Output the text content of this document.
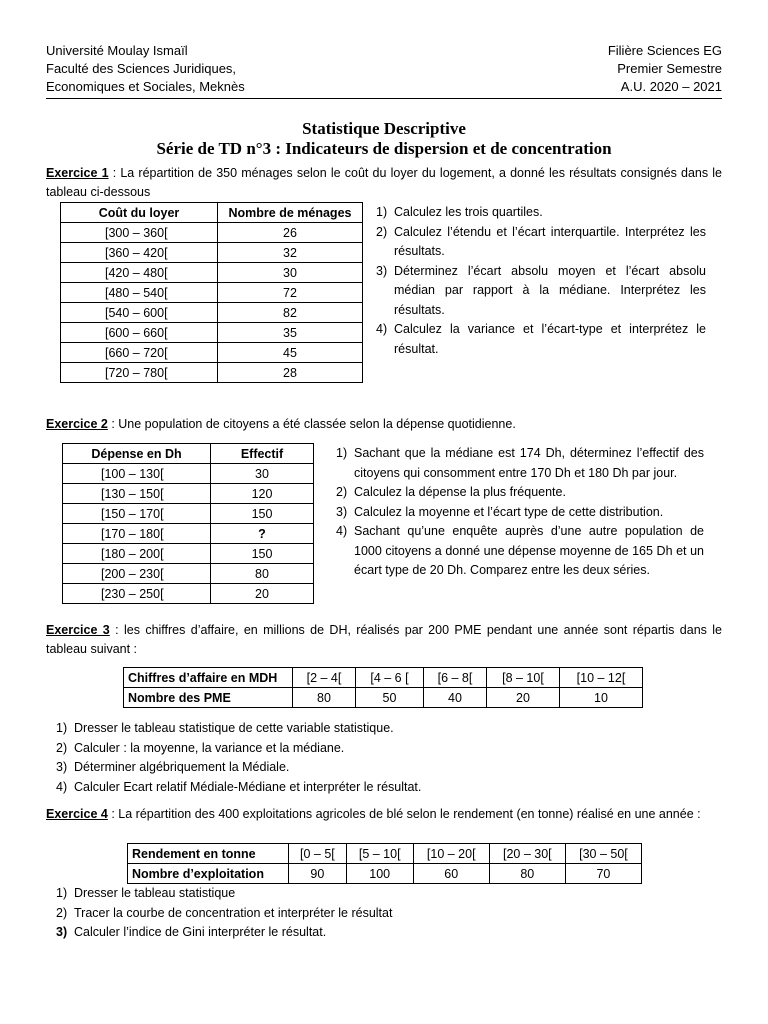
Université Moulay Ismaïl
Faculté des Sciences Juridiques,
Economiques et Sociales, Meknès
Filière Sciences EG
Premier Semestre
A.U. 2020 – 2021
Statistique Descriptive
Série de TD n°3 : Indicateurs de dispersion et de concentration
Exercice 1 : La répartition de 350 ménages selon le coût du loyer du logement, a donné les résultats consignés dans le tableau ci-dessous
Coût du loyer	Nombre de ménages
[300 – 360[	26
[360 – 420[	32
[420 – 480[	30
[480 – 540[	72
[540 – 600[	82
[600 – 660[	35
[660 – 720[	45
[720 – 780[	28
1) Calculez les trois quartiles.
2) Calculez l’étendu et l’écart interquartile. Interprétez les résultats.
3) Déterminez l’écart absolu moyen et l’écart absolu médian par rapport à la médiane. Interprétez les résultats.
4) Calculez la variance et l’écart-type et interprétez le résultat.
Exercice 2 : Une population de citoyens a été classée selon la dépense quotidienne.
Dépense en Dh	Effectif
[100 – 130[	30
[130 – 150[	120
[150 – 170[	150
[170 – 180[	?
[180 – 200[	150
[200 – 230[	80
[230 – 250[	20
1) Sachant que la médiane est 174 Dh, déterminez l’effectif des citoyens qui consomment entre 170 Dh et 180 Dh par jour.
2) Calculez la dépense la plus fréquente.
3) Calculez la moyenne et l’écart type de cette distribution.
4) Sachant qu’une enquête auprès d’une autre population de 1000 citoyens a donné une dépense moyenne de 165 Dh et un écart type de 20 Dh. Comparez entre les deux séries.
Exercice 3 : les chiffres d’affaire, en millions de DH, réalisés par 200 PME pendant une année sont répartis dans le tableau suivant :
Chiffres d’affaire en MDH	[2 – 4[	[4 – 6 [	[6 – 8[	[8 – 10[	[10 – 12[
Nombre des PME	80	50	40	20	10
1) Dresser le tableau statistique de cette variable statistique.
2) Calculer : la moyenne, la variance et la médiane.
3) Déterminer algébriquement la Médiale.
4) Calculer Ecart relatif Médiale-Médiane et interpréter le résultat.
Exercice 4 : La répartition des 400 exploitations agricoles de blé selon le rendement (en tonne) réalisé en une année :
Rendement en tonne	[0 – 5[	[5 – 10[	[10 – 20[	[20 – 30[	[30 – 50[
Nombre d’exploitation	90	100	60	80	70
1) Dresser le tableau statistique
2) Tracer la courbe de concentration et interpréter le résultat
3) Calculer l’indice de Gini interpréter le résultat.
